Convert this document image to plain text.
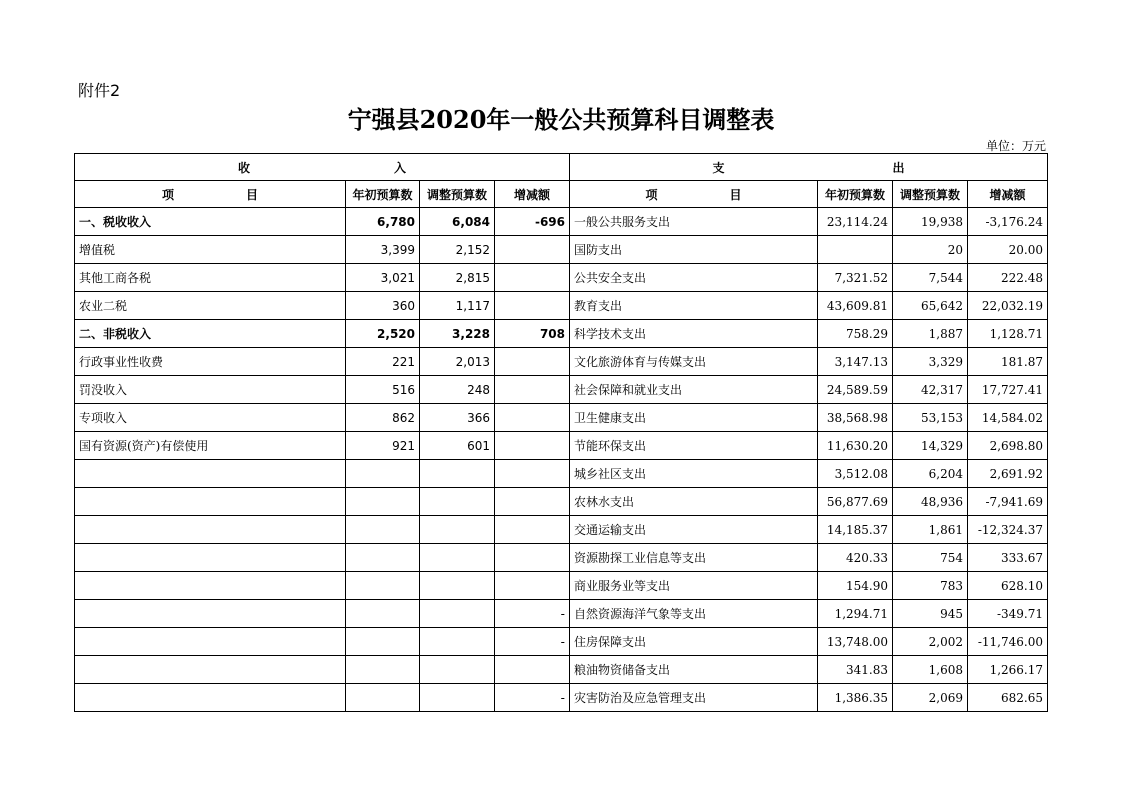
附件2
宁强县2020年一般公共预算科目调整表
单位：万元
收　　　　　　　　　　　　入				支　　　　　　　　　　　　　　出			
项　　　　　　目	年初预算数	调整预算数	增减额	项　　　　　　目	年初预算数	调整预算数	增减额
一、税收收入	6,780	6,084	-696	一般公共服务支出	23,114.24	19,938	-3,176.24
增值税	3,399	2,152		国防支出		20	20.00
其他工商各税	3,021	2,815		公共安全支出	7,321.52	7,544	222.48
农业二税	360	1,117		教育支出	43,609.81	65,642	22,032.19
二、非税收入	2,520	3,228	708	科学技术支出	758.29	1,887	1,128.71
行政事业性收费	221	2,013		文化旅游体育与传媒支出	3,147.13	3,329	181.87
罚没收入	516	248		社会保障和就业支出	24,589.59	42,317	17,727.41
专项收入	862	366		卫生健康支出	38,568.98	53,153	14,584.02
国有资源(资产)有偿使用	921	601		节能环保支出	11,630.20	14,329	2,698.80
				城乡社区支出	3,512.08	6,204	2,691.92
				农林水支出	56,877.69	48,936	-7,941.69
				交通运输支出	14,185.37	1,861	-12,324.37
				资源勘探工业信息等支出	420.33	754	333.67
				商业服务业等支出	154.90	783	628.10
			-	自然资源海洋气象等支出	1,294.71	945	-349.71
			-	住房保障支出	13,748.00	2,002	-11,746.00
				粮油物资储备支出	341.83	1,608	1,266.17
			-	灾害防治及应急管理支出	1,386.35	2,069	682.65
